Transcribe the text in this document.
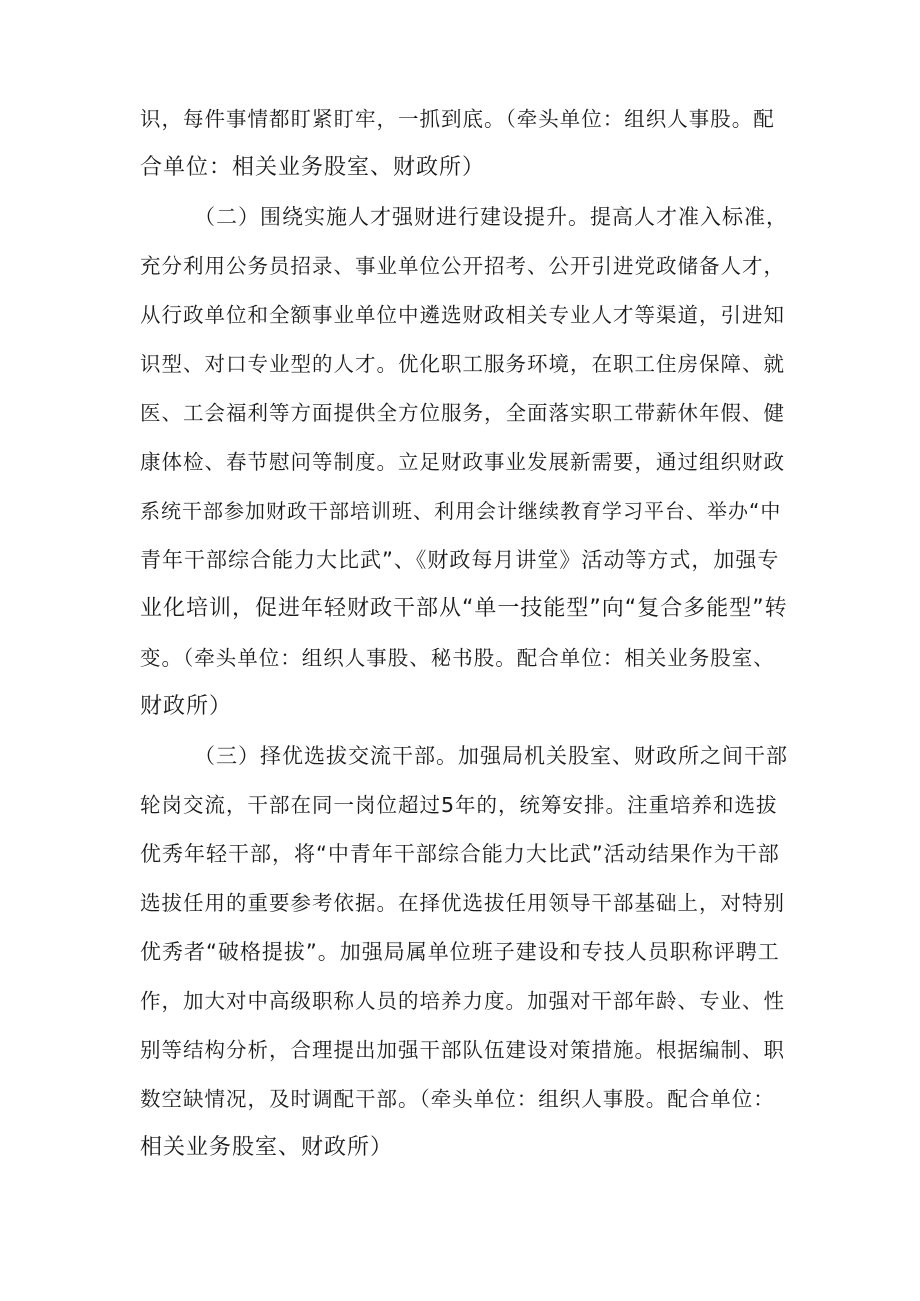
识，每件事情都盯紧盯牢，一抓到底。（牵头单位：组织人事股。配

合单位：相关业务股室、财政所）

（二）围绕实施人才强财进行建设提升。提高人才准入标准，

充分利用公务员招录、事业单位公开招考、公开引进党政储备人才，

从行政单位和全额事业单位中遴选财政相关专业人才等渠道，引进知

识型、对口专业型的人才。优化职工服务环境，在职工住房保障、就

医、工会福利等方面提供全方位服务，全面落实职工带薪休年假、健

康体检、春节慰问等制度。立足财政事业发展新需要，通过组织财政

系统干部参加财政干部培训班、利用会计继续教育学习平台、举办“中

青年干部综合能力大比武”、《财政每月讲堂》活动等方式，加强专

业化培训，促进年轻财政干部从“单一技能型”向“复合多能型”转

变。（牵头单位：组织人事股、秘书股。配合单位：相关业务股室、

财政所）

（三）择优选拔交流干部。加强局机关股室、财政所之间干部

轮岗交流，干部在同一岗位超过5年的，统筹安排。注重培养和选拔

优秀年轻干部，将“中青年干部综合能力大比武”活动结果作为干部

选拔任用的重要参考依据。在择优选拔任用领导干部基础上，对特别

优秀者“破格提拔”。加强局属单位班子建设和专技人员职称评聘工

作，加大对中高级职称人员的培养力度。加强对干部年龄、专业、性

别等结构分析，合理提出加强干部队伍建设对策措施。根据编制、职

数空缺情况，及时调配干部。（牵头单位：组织人事股。配合单位：

相关业务股室、财政所）
